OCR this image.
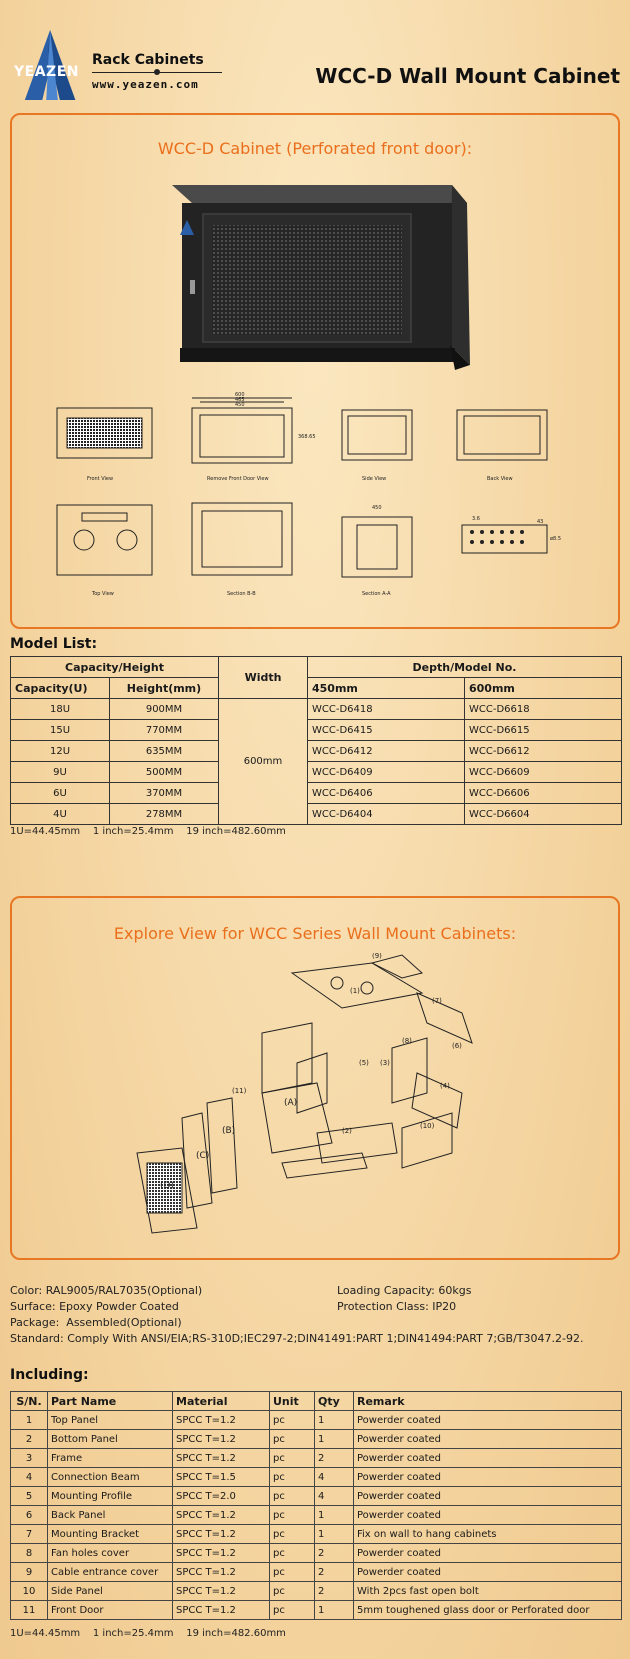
YEAZEN
Rack Cabinets
www.yeazen.com	WCC-D Wall Mount Cabinet
WCC-D Cabinet (Perforated front door):
Front View	Remove Front Door View	Side View	Back View
600
465
450
368.65
Top View	Section B-B	Section A-A
450
3.6	43
ø8.5
Model List:
Capacity/Height		Width	Depth/Model No.	
Capacity(U)	Height(mm)		450mm	600mm
18U	900MM	600mm	WCC-D6418	WCC-D6618
15U	770MM		WCC-D6415	WCC-D6615
12U	635MM		WCC-D6412	WCC-D6612
9U	500MM		WCC-D6409	WCC-D6609
6U	370MM		WCC-D6406	WCC-D6606
4U	278MM		WCC-D6404	WCC-D6604
1U=44.45mm    1 inch=25.4mm    19 inch=482.60mm
Explore View for WCC Series Wall Mount Cabinets:
(9)
(1)
(7)
(8)
(6)
(5) (3)
(4)
(11)
(A)
(2)
(10)
(B)
(C)
(D)
Color: RAL9005/RAL7035(Optional)
Surface: Epoxy Powder Coated
Package:  Assembled(Optional)
Standard: Comply With ANSI/EIA;RS-310D;IEC297-2;DIN41491:PART 1;DIN41494:PART 7;GB/T3047.2-92.
Loading Capacity: 60kgs
Protection Class: IP20
Including:
S/N.	Part Name	Material	Unit	Qty	Remark
1	Top Panel	SPCC T=1.2	pc	1	Powerder coated
2	Bottom Panel	SPCC T=1.2	pc	1	Powerder coated
3	Frame	SPCC T=1.2	pc	2	Powerder coated
4	Connection Beam	SPCC T=1.5	pc	4	Powerder coated
5	Mounting Profile	SPCC T=2.0	pc	4	Powerder coated
6	Back Panel	SPCC T=1.2	pc	1	Powerder coated
7	Mounting Bracket	SPCC T=1.2	pc	1	Fix on wall to hang cabinets
8	Fan holes cover	SPCC T=1.2	pc	2	Powerder coated
9	Cable entrance cover	SPCC T=1.2	pc	2	Powerder coated
10	Side Panel	SPCC T=1.2	pc	2	With 2pcs fast open bolt
11	Front Door	SPCC T=1.2	pc	1	5mm toughened glass door or Perforated door
1U=44.45mm    1 inch=25.4mm    19 inch=482.60mm
